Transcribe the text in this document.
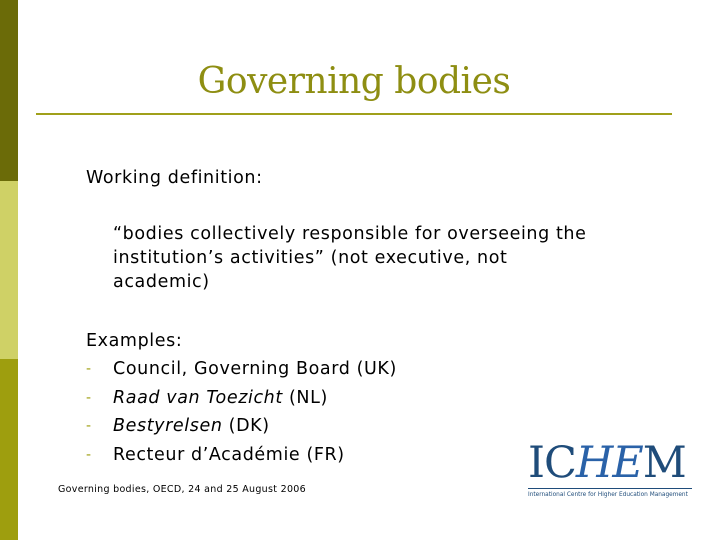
Governing bodies
Working definition:

“bodies collectively responsible for overseeing the institution’s activities” (not executive, not academic)

Examples:
- Council, Governing Board (UK)
- Raad van Toezicht (NL)
- Bestyrelsen (DK)
- Recteur d’Académie (FR)
Governing bodies, OECD, 24 and 25 August 2006
ICHEM
International Centre for Higher Education Management
